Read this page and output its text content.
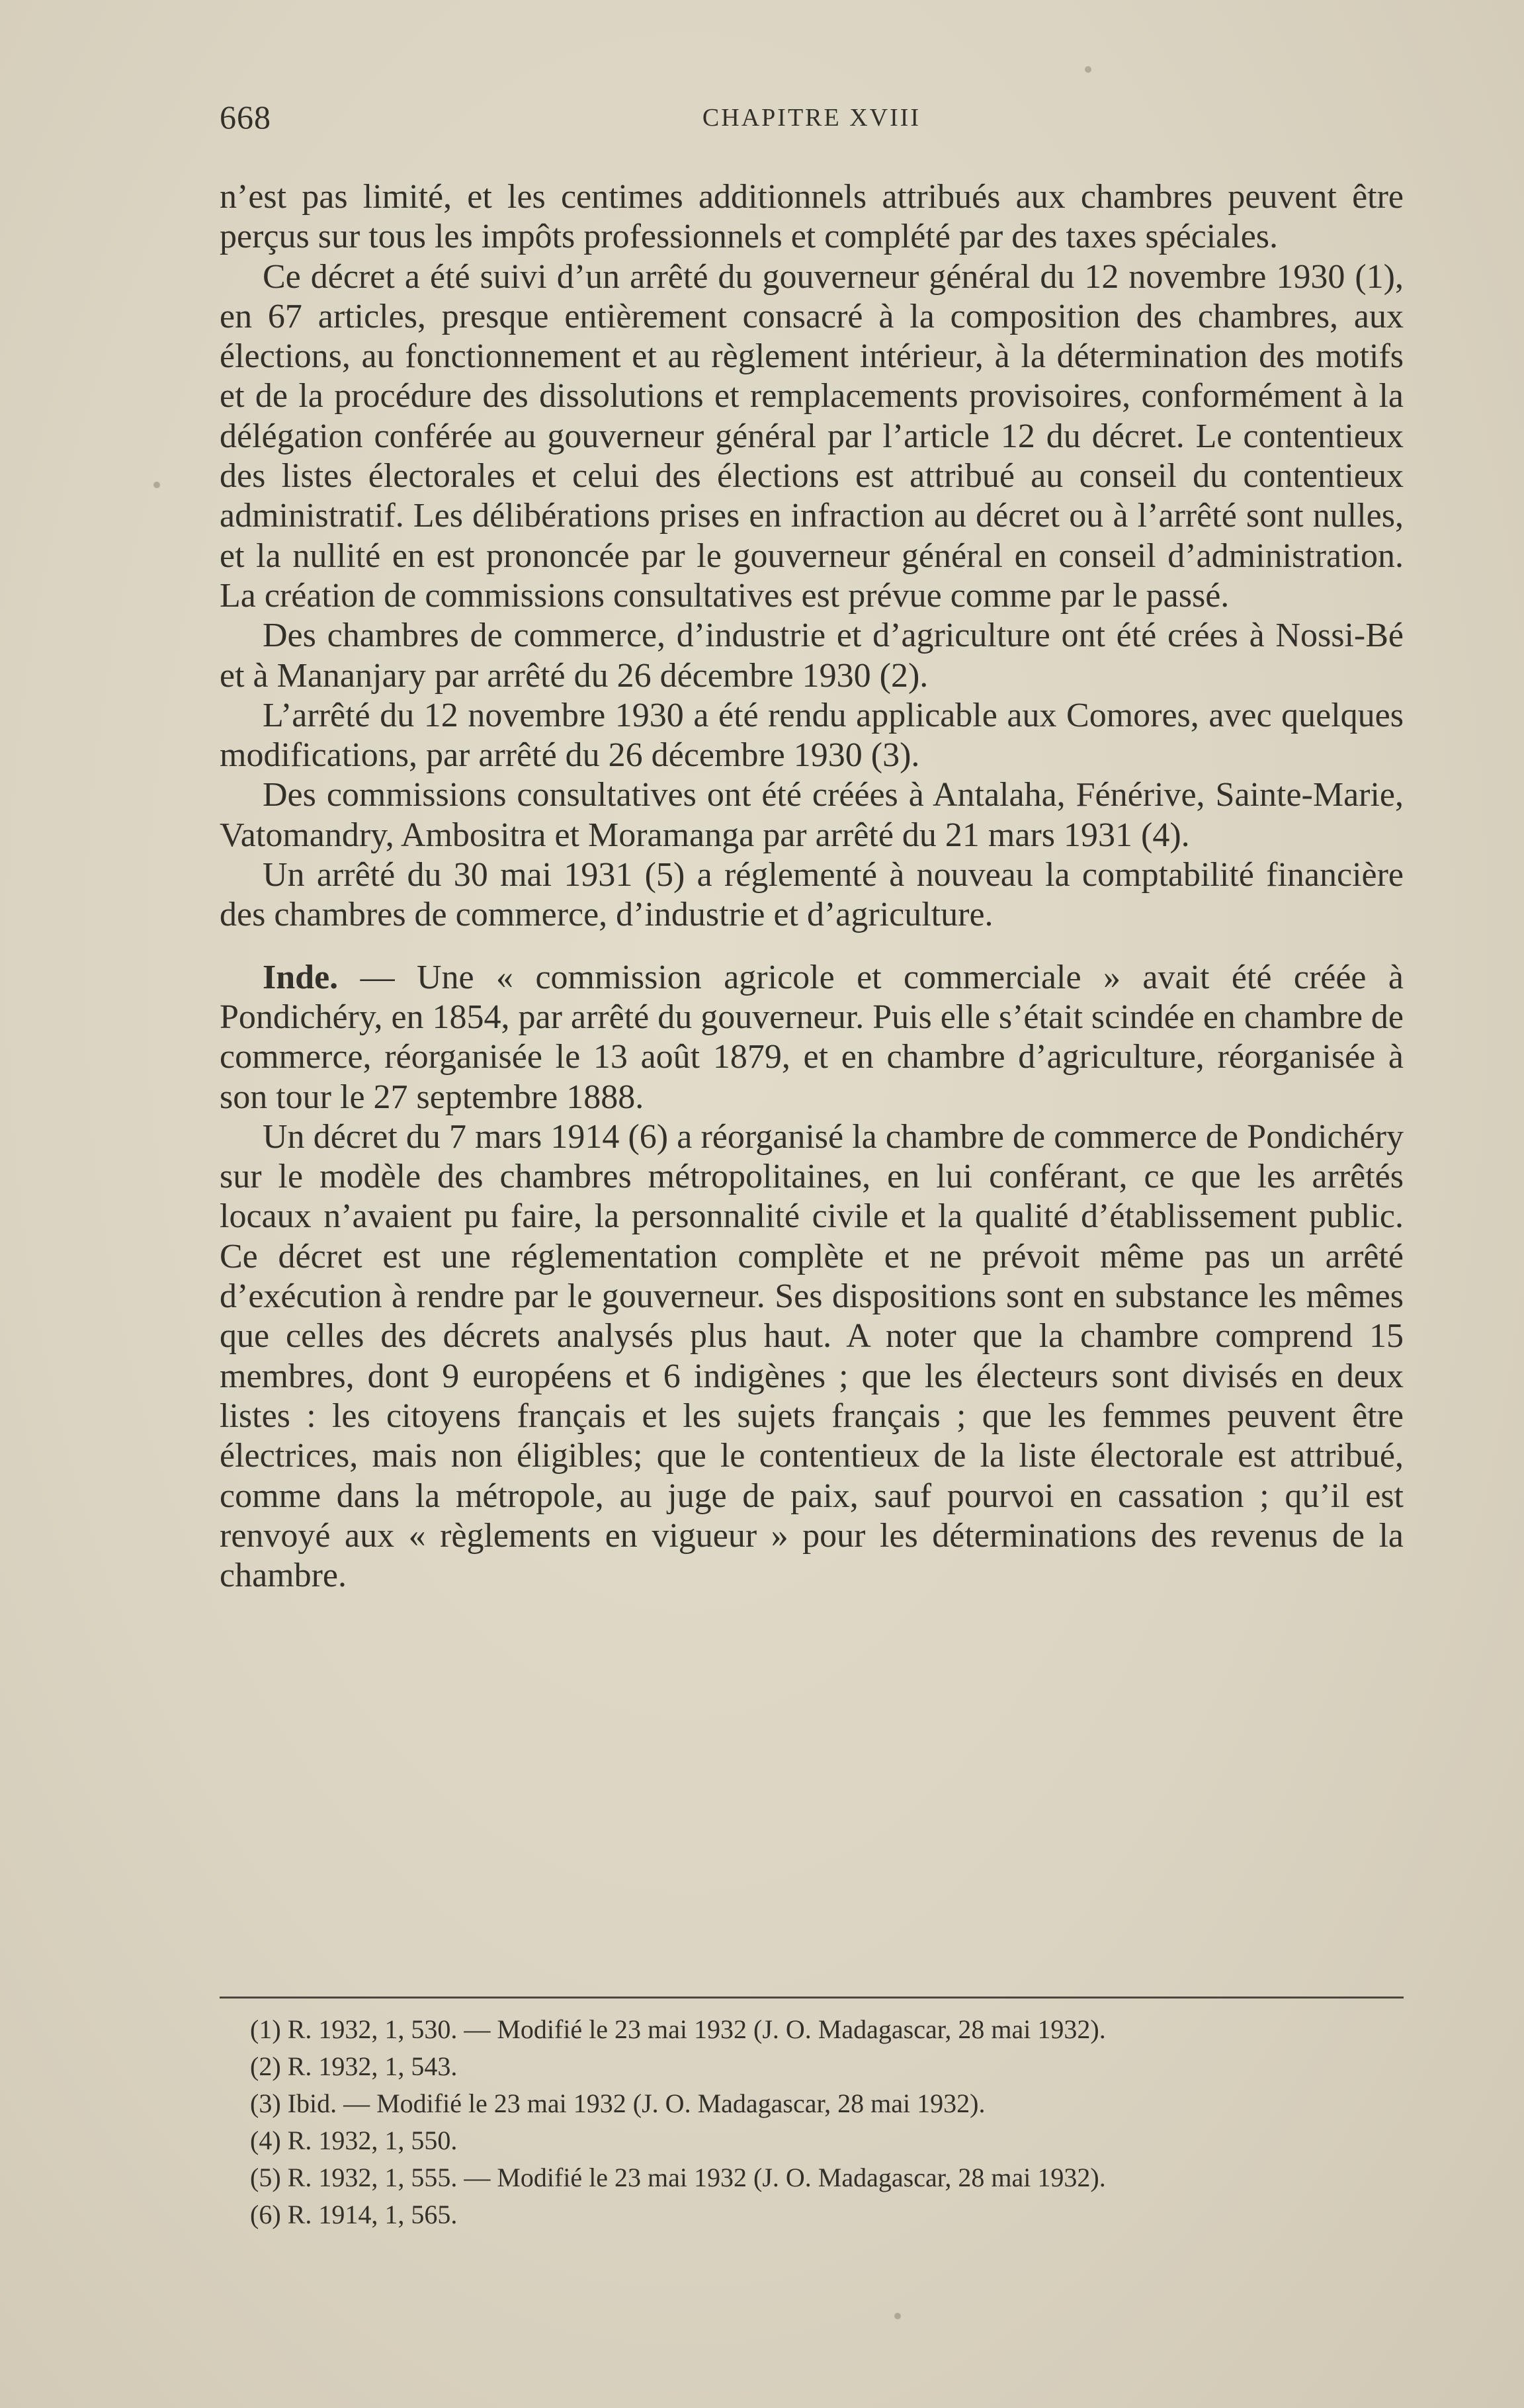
668	CHAPITRE XVIII

n’est pas limité, et les centimes additionnels attribués aux chambres peuvent être perçus sur tous les impôts professionnels et complété par des taxes spéciales.

Ce décret a été suivi d’un arrêté du gouverneur général du 12 novembre 1930 (1), en 67 articles, presque entièrement consacré à la composition des chambres, aux élections, au fonctionnement et au règlement intérieur, à la détermination des motifs et de la procédure des dissolutions et remplacements provisoires, conformément à la délégation conférée au gouverneur général par l’article 12 du décret. Le contentieux des listes électorales et celui des élections est attribué au conseil du contentieux administratif. Les délibérations prises en infraction au décret ou à l’arrêté sont nulles, et la nullité en est prononcée par le gouverneur général en conseil d’administration. La création de commissions consultatives est prévue comme par le passé.

Des chambres de commerce, d’industrie et d’agriculture ont été crées à Nossi-Bé et à Mananjary par arrêté du 26 décembre 1930 (2).

L’arrêté du 12 novembre 1930 a été rendu applicable aux Comores, avec quelques modifications, par arrêté du 26 décembre 1930 (3).

Des commissions consultatives ont été créées à Antalaha, Fénérive, Sainte-Marie, Vatomandry, Ambositra et Moramanga par arrêté du 21 mars 1931 (4).

Un arrêté du 30 mai 1931 (5) a réglementé à nouveau la comptabilité financière des chambres de commerce, d’industrie et d’agriculture.

Inde. — Une « commission agricole et commerciale » avait été créée à Pondichéry, en 1854, par arrêté du gouverneur. Puis elle s’était scindée en chambre de commerce, réorganisée le 13 août 1879, et en chambre d’agriculture, réorganisée à son tour le 27 septembre 1888.

Un décret du 7 mars 1914 (6) a réorganisé la chambre de commerce de Pondichéry sur le modèle des chambres métropolitaines, en lui conférant, ce que les arrêtés locaux n’avaient pu faire, la personnalité civile et la qualité d’établissement public. Ce décret est une réglementation complète et ne prévoit même pas un arrêté d’exécution à rendre par le gouverneur. Ses dispositions sont en substance les mêmes que celles des décrets analysés plus haut. A noter que la chambre comprend 15 membres, dont 9 européens et 6 indigènes ; que les électeurs sont divisés en deux listes : les citoyens français et les sujets français ; que les femmes peuvent être électrices, mais non éligibles; que le contentieux de la liste électorale est attribué, comme dans la métropole, au juge de paix, sauf pourvoi en cassation ; qu’il est renvoyé aux « règlements en vigueur » pour les déterminations des revenus de la chambre.

(1) R. 1932, 1, 530. — Modifié le 23 mai 1932 (J. O. Madagascar, 28 mai 1932).
(2) R. 1932, 1, 543.
(3) Ibid. — Modifié le 23 mai 1932 (J. O. Madagascar, 28 mai 1932).
(4) R. 1932, 1, 550.
(5) R. 1932, 1, 555. — Modifié le 23 mai 1932 (J. O. Madagascar, 28 mai 1932).
(6) R. 1914, 1, 565.
